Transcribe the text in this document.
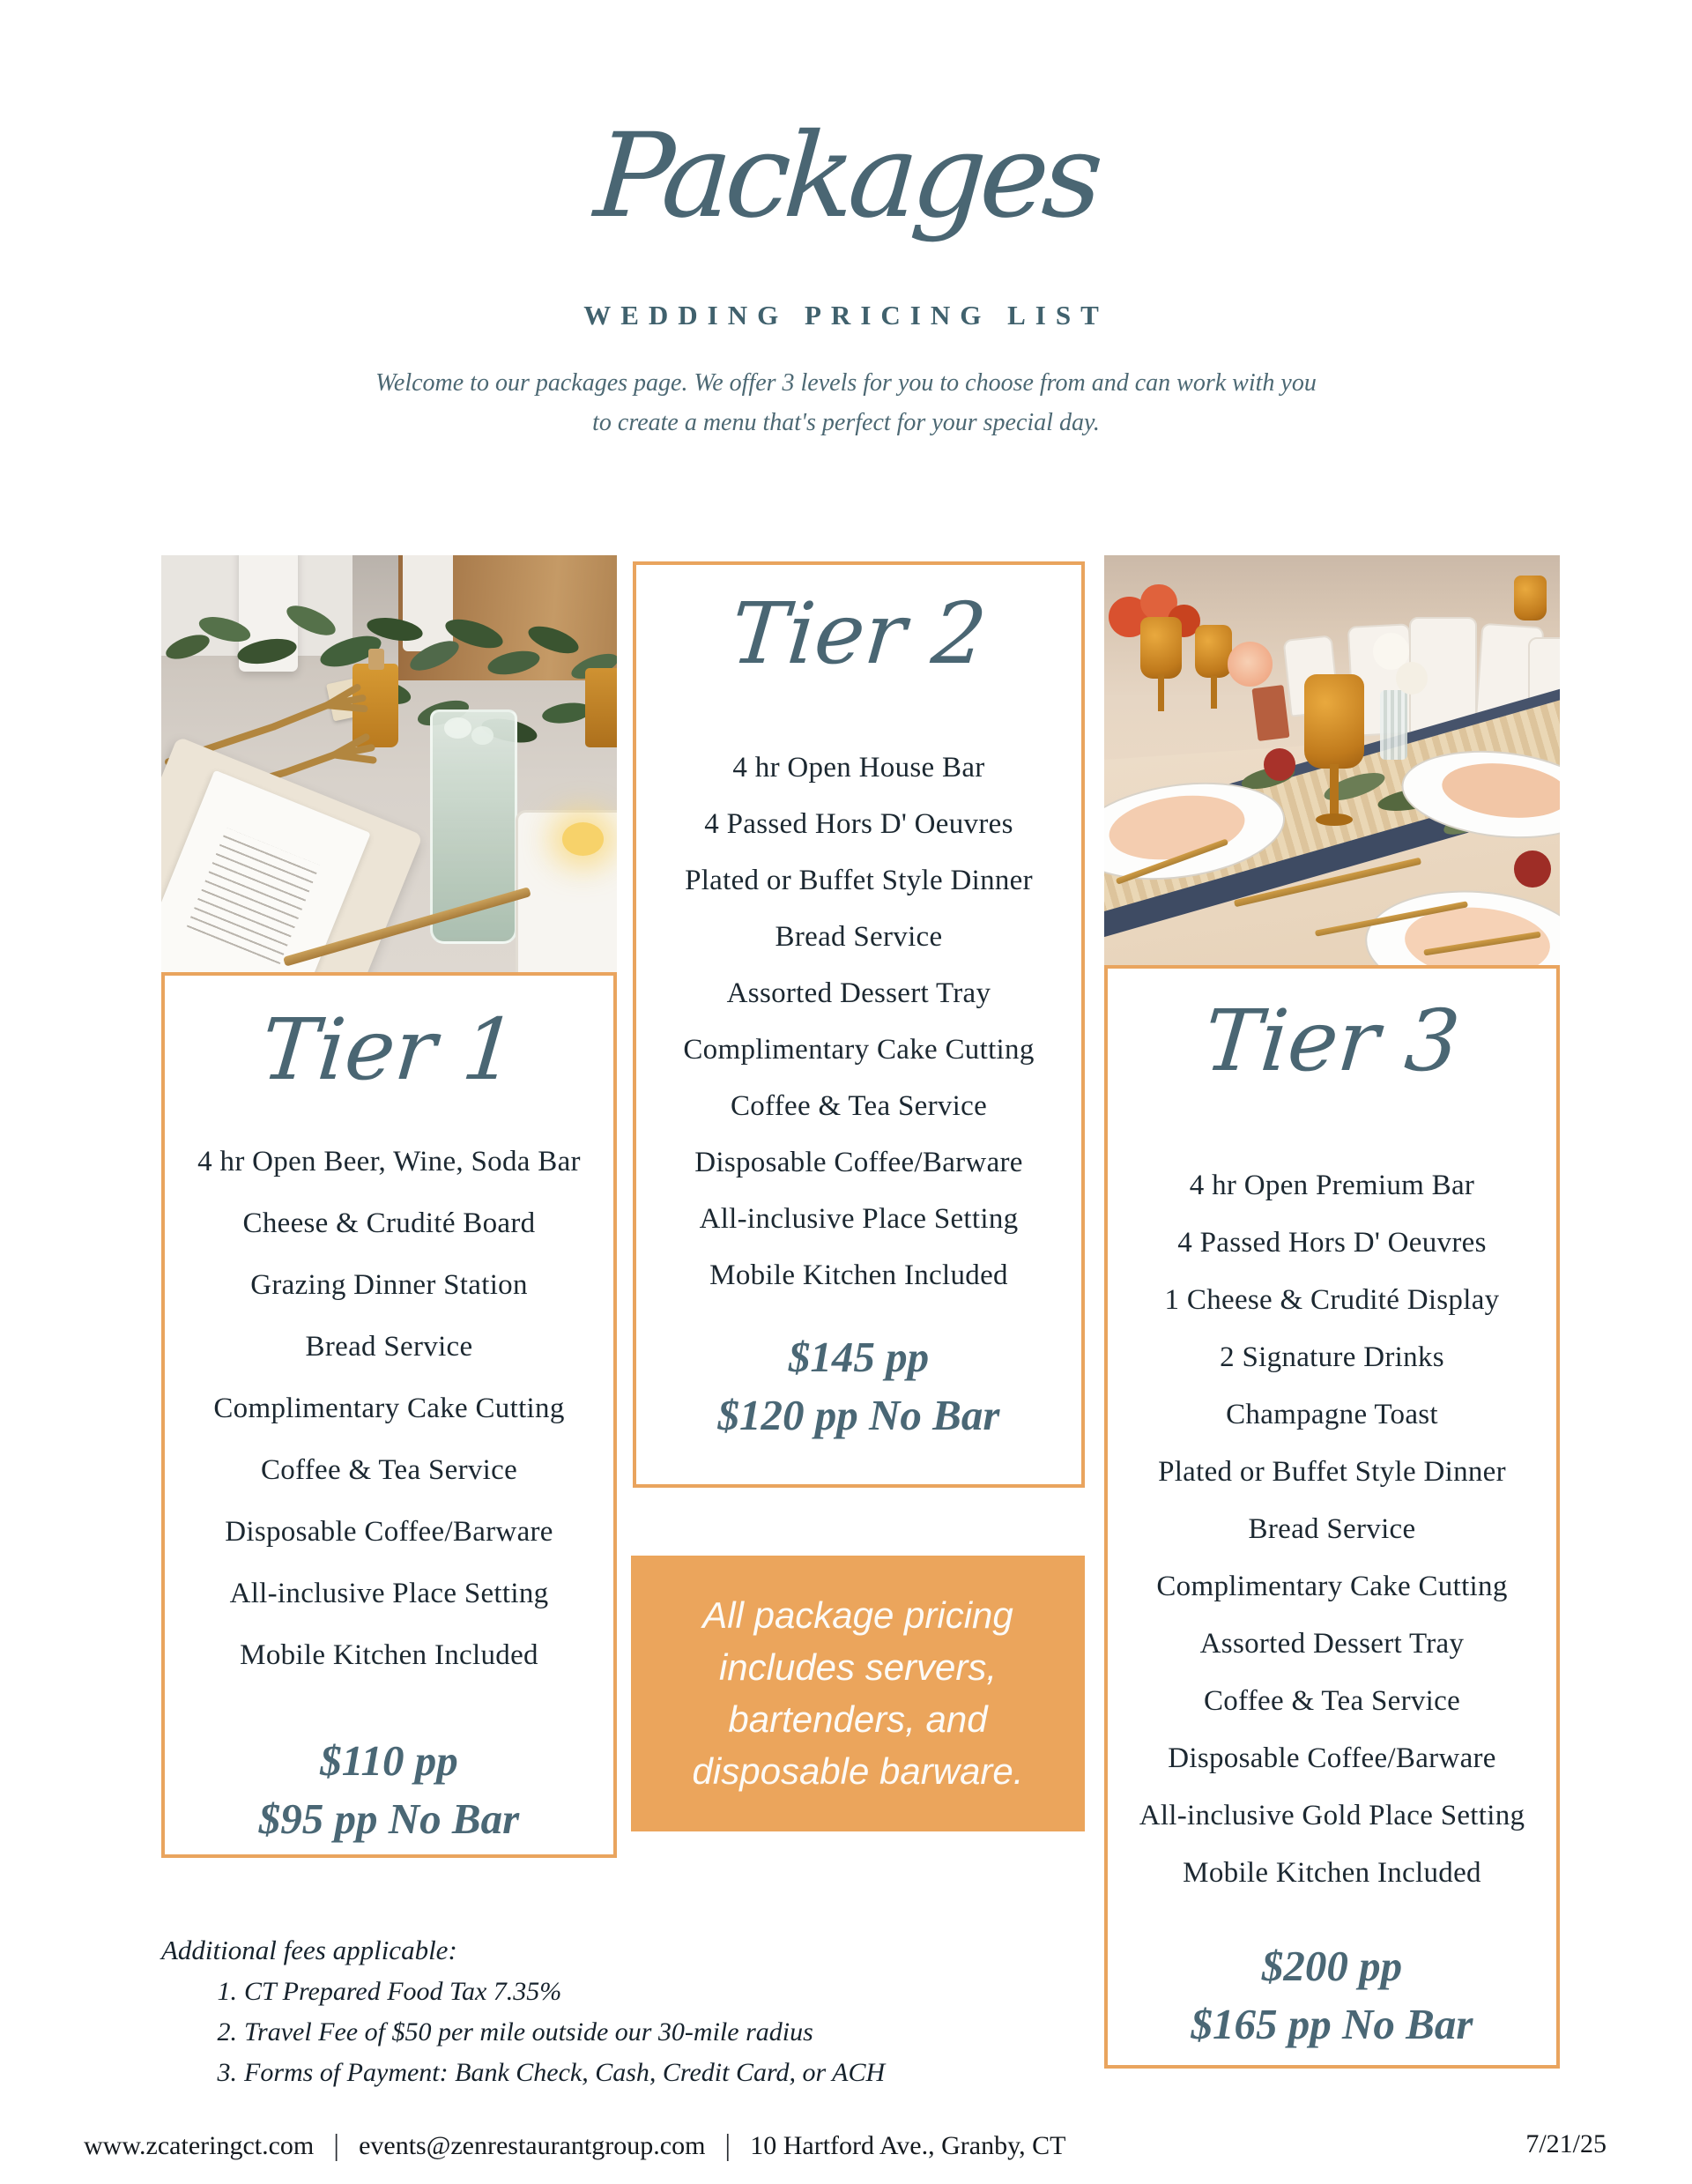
Packages
WEDDING PRICING LIST
Welcome to our packages page. We offer 3 levels for you to choose from and can work with you
to create a menu that's perfect for your special day.
Tier 1
4 hr Open Beer, Wine, Soda Bar
Cheese & Crudité Board
Grazing Dinner Station
Bread Service
Complimentary Cake Cutting
Coffee & Tea Service
Disposable Coffee/Barware
All-inclusive Place Setting
Mobile Kitchen Included
$110 pp
$95 pp No Bar
Tier 2
4 hr Open House Bar
4 Passed Hors D' Oeuvres
Plated or Buffet Style Dinner
Bread Service
Assorted Dessert Tray
Complimentary Cake Cutting
Coffee & Tea Service
Disposable Coffee/Barware
All-inclusive Place Setting
Mobile Kitchen Included
$145 pp
$120 pp No Bar
Tier 3
4 hr Open Premium Bar
4 Passed Hors D' Oeuvres
1 Cheese & Crudité Display
2 Signature Drinks
Champagne Toast
Plated or Buffet Style Dinner
Bread Service
Complimentary Cake Cutting
Assorted Dessert Tray
Coffee & Tea Service
Disposable Coffee/Barware
All-inclusive Gold Place Setting
Mobile Kitchen Included
$200 pp
$165 pp No Bar
All package pricing
includes servers,
bartenders, and
disposable barware.
Additional fees applicable:
1. CT Prepared Food Tax 7.35%
2. Travel Fee of $50 per mile outside our 30-mile radius
3. Forms of Payment: Bank Check, Cash, Credit Card, or ACH
www.zcateringct.com | events@zenrestaurantgroup.com | 10 Hartford Ave., Granby, CT	7/21/25
